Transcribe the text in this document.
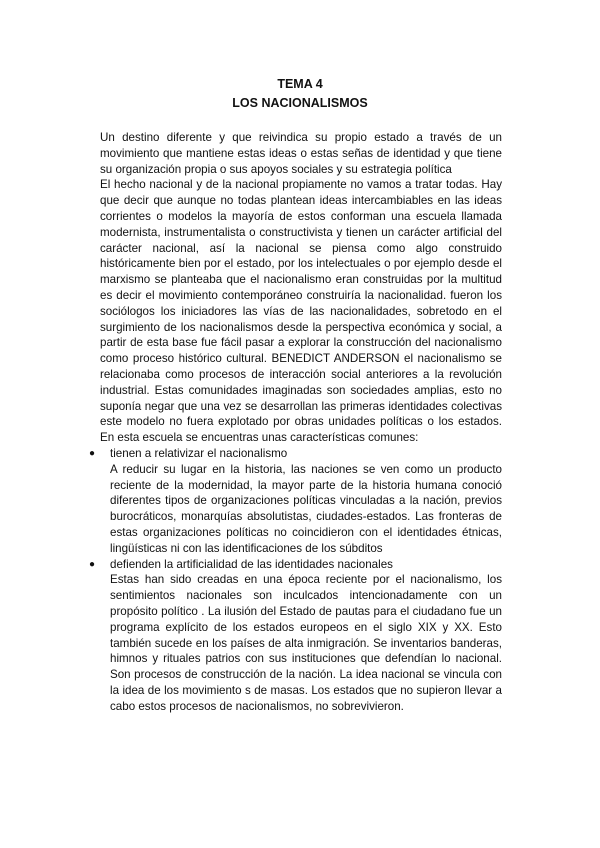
TEMA 4
LOS NACIONALISMOS

Un destino diferente y que reivindica su propio estado a través de un movimiento que mantiene estas ideas o estas señas de identidad y que tiene su organización propia o sus apoyos sociales y su estrategia política

El hecho nacional y de la nacional propiamente no vamos a tratar todas. Hay que decir que aunque no todas plantean ideas intercambiables en las ideas corrientes o modelos la mayoría de estos conforman una escuela llamada modernista, instrumentalista o constructivista y tienen un carácter artificial del carácter nacional, así la nacional se piensa como algo construido históricamente bien por el estado, por los intelectuales o por ejemplo desde el marxismo se planteaba que el nacionalismo eran construidas por la multitud es decir el movimiento contemporáneo construiría la nacionalidad. fueron los sociólogos los iniciadores las vías de las nacionalidades, sobretodo en el surgimiento de los nacionalismos desde la perspectiva económica y social, a partir de esta base fue fácil pasar a explorar la construcción del nacionalismo como proceso histórico cultural. BENEDICT ANDERSON el nacionalismo se relacionaba como procesos de interacción social anteriores a la revolución industrial. Estas comunidades imaginadas son sociedades amplias, esto no suponía negar que una vez se desarrollan las primeras identidades colectivas este modelo no fuera explotado por obras unidades políticas o los estados. En esta escuela se encuentras unas características comunes:

● tienen a relativizar el nacionalismo
A reducir su lugar en la historia, las naciones se ven como un producto reciente de la modernidad, la mayor parte de la historia humana conoció diferentes tipos de organizaciones políticas vinculadas a la nación, previos burocráticos, monarquías absolutistas, ciudades-estados. Las fronteras de estas organizaciones políticas no coincidieron con el identidades étnicas, lingüísticas ni con las identificaciones de los súbditos
● defienden la artificialidad de las identidades nacionales
Estas han sido creadas en una época reciente por el nacionalismo, los sentimientos nacionales son inculcados intencionadamente con un propósito político . La ilusión del Estado de pautas para el ciudadano fue un programa explícito de los estados europeos en el siglo XIX y XX. Esto también sucede en los países de alta inmigración. Se inventarios banderas, himnos y rituales patrios con sus instituciones que defendían lo nacional. Son procesos de construcción de la nación. La idea nacional se vincula con la idea de los movimiento s de masas. Los estados que no supieron llevar a cabo estos procesos de nacionalismos, no sobrevivieron.
